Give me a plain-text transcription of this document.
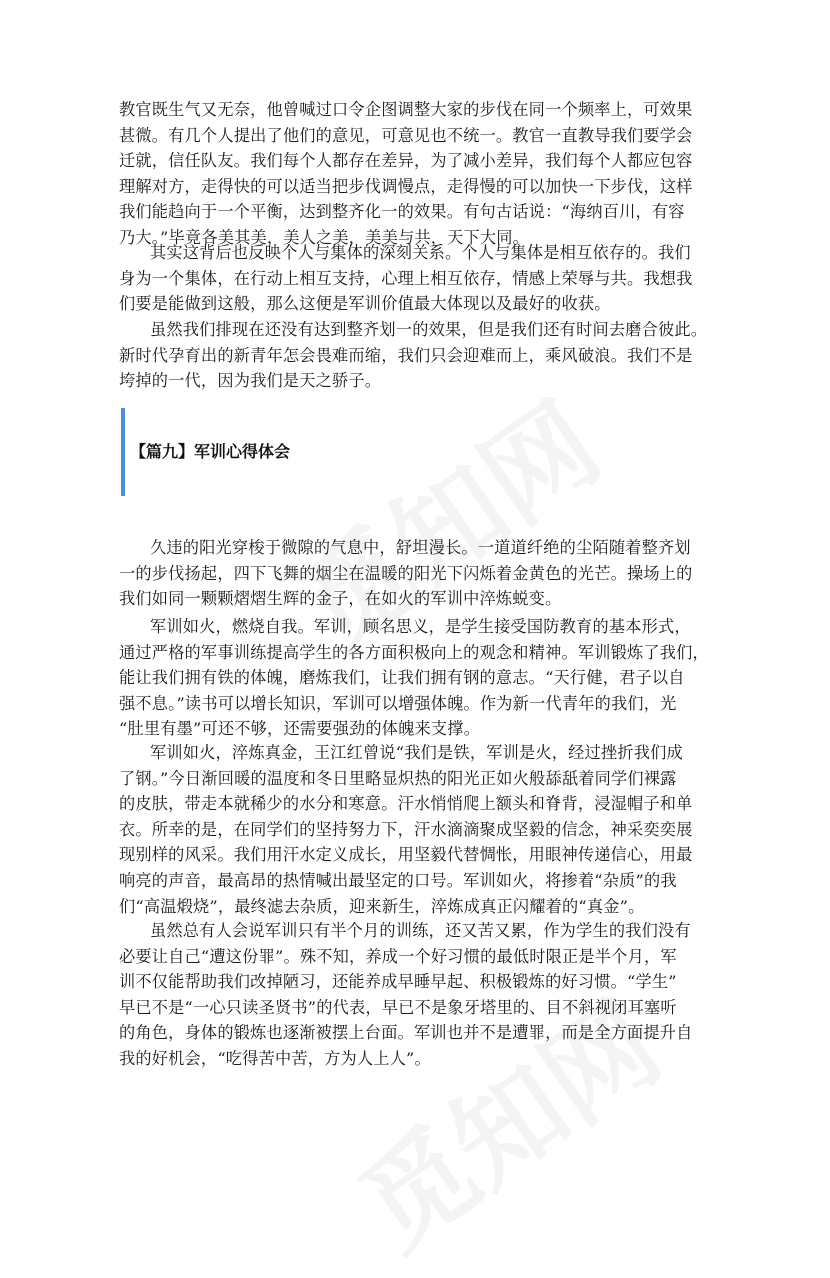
教官既生气又无奈，他曾喊过口令企图调整大家的步伐在同一个频率上，可效果
甚微。有几个人提出了他们的意见，可意见也不统一。教官一直教导我们要学会
迁就，信任队友。我们每个人都存在差异，为了减小差异，我们每个人都应包容
理解对方，走得快的可以适当把步伐调慢点，走得慢的可以加快一下步伐，这样
我们能趋向于一个平衡，达到整齐化一的效果。有句古话说：“海纳百川，有容
乃大。”毕竟各美其美，美人之美，美美与共，天下大同。

其实这背后也反映个人与集体的深刻关系。个人与集体是相互依存的。我们
身为一个集体，在行动上相互支持，心理上相互依存，情感上荣辱与共。我想我
们要是能做到这般，那么这便是军训价值最大体现以及最好的收获。

虽然我们排现在还没有达到整齐划一的效果，但是我们还有时间去磨合彼此。
新时代孕育出的新青年怎会畏难而缩，我们只会迎难而上，乘风破浪。我们不是
垮掉的一代，因为我们是天之骄子。

【篇九】军训心得体会

久违的阳光穿梭于微隙的气息中，舒坦漫长。一道道纤绝的尘陌随着整齐划
一的步伐扬起，四下飞舞的烟尘在温暖的阳光下闪烁着金黄色的光芒。操场上的
我们如同一颗颗熠熠生辉的金子，在如火的军训中淬炼蜕变。

军训如火，燃烧自我。军训，顾名思义，是学生接受国防教育的基本形式，
通过严格的军事训练提高学生的各方面积极向上的观念和精神。军训锻炼了我们，
能让我们拥有铁的体魄，磨炼我们，让我们拥有钢的意志。“天行健，君子以自
强不息。”读书可以增长知识，军训可以增强体魄。作为新一代青年的我们，光
“肚里有墨”可还不够，还需要强劲的体魄来支撑。

军训如火，淬炼真金，王江红曾说“我们是铁，军训是火，经过挫折我们成
了钢。”今日渐回暖的温度和冬日里略显炽热的阳光正如火般舔舐着同学们裸露
的皮肤，带走本就稀少的水分和寒意。汗水悄悄爬上额头和脊背，浸湿帽子和单
衣。所幸的是，在同学们的坚持努力下，汗水滴滴聚成坚毅的信念，神采奕奕展
现别样的风采。我们用汗水定义成长，用坚毅代替惆怅，用眼神传递信心，用最
响亮的声音，最高昂的热情喊出最坚定的口号。军训如火，将掺着“杂质”的我
们“高温煅烧”，最终滤去杂质，迎来新生，淬炼成真正闪耀着的“真金”。

虽然总有人会说军训只有半个月的训练，还又苦又累，作为学生的我们没有
必要让自己“遭这份罪”。殊不知，养成一个好习惯的最低时限正是半个月，军
训不仅能帮助我们改掉陋习，还能养成早睡早起、积极锻炼的好习惯。“学生”
早已不是“一心只读圣贤书”的代表，早已不是象牙塔里的、目不斜视闭耳塞听
的角色，身体的锻炼也逐渐被摆上台面。军训也并不是遭罪，而是全方面提升自
我的好机会，“吃得苦中苦，方为人上人”。
